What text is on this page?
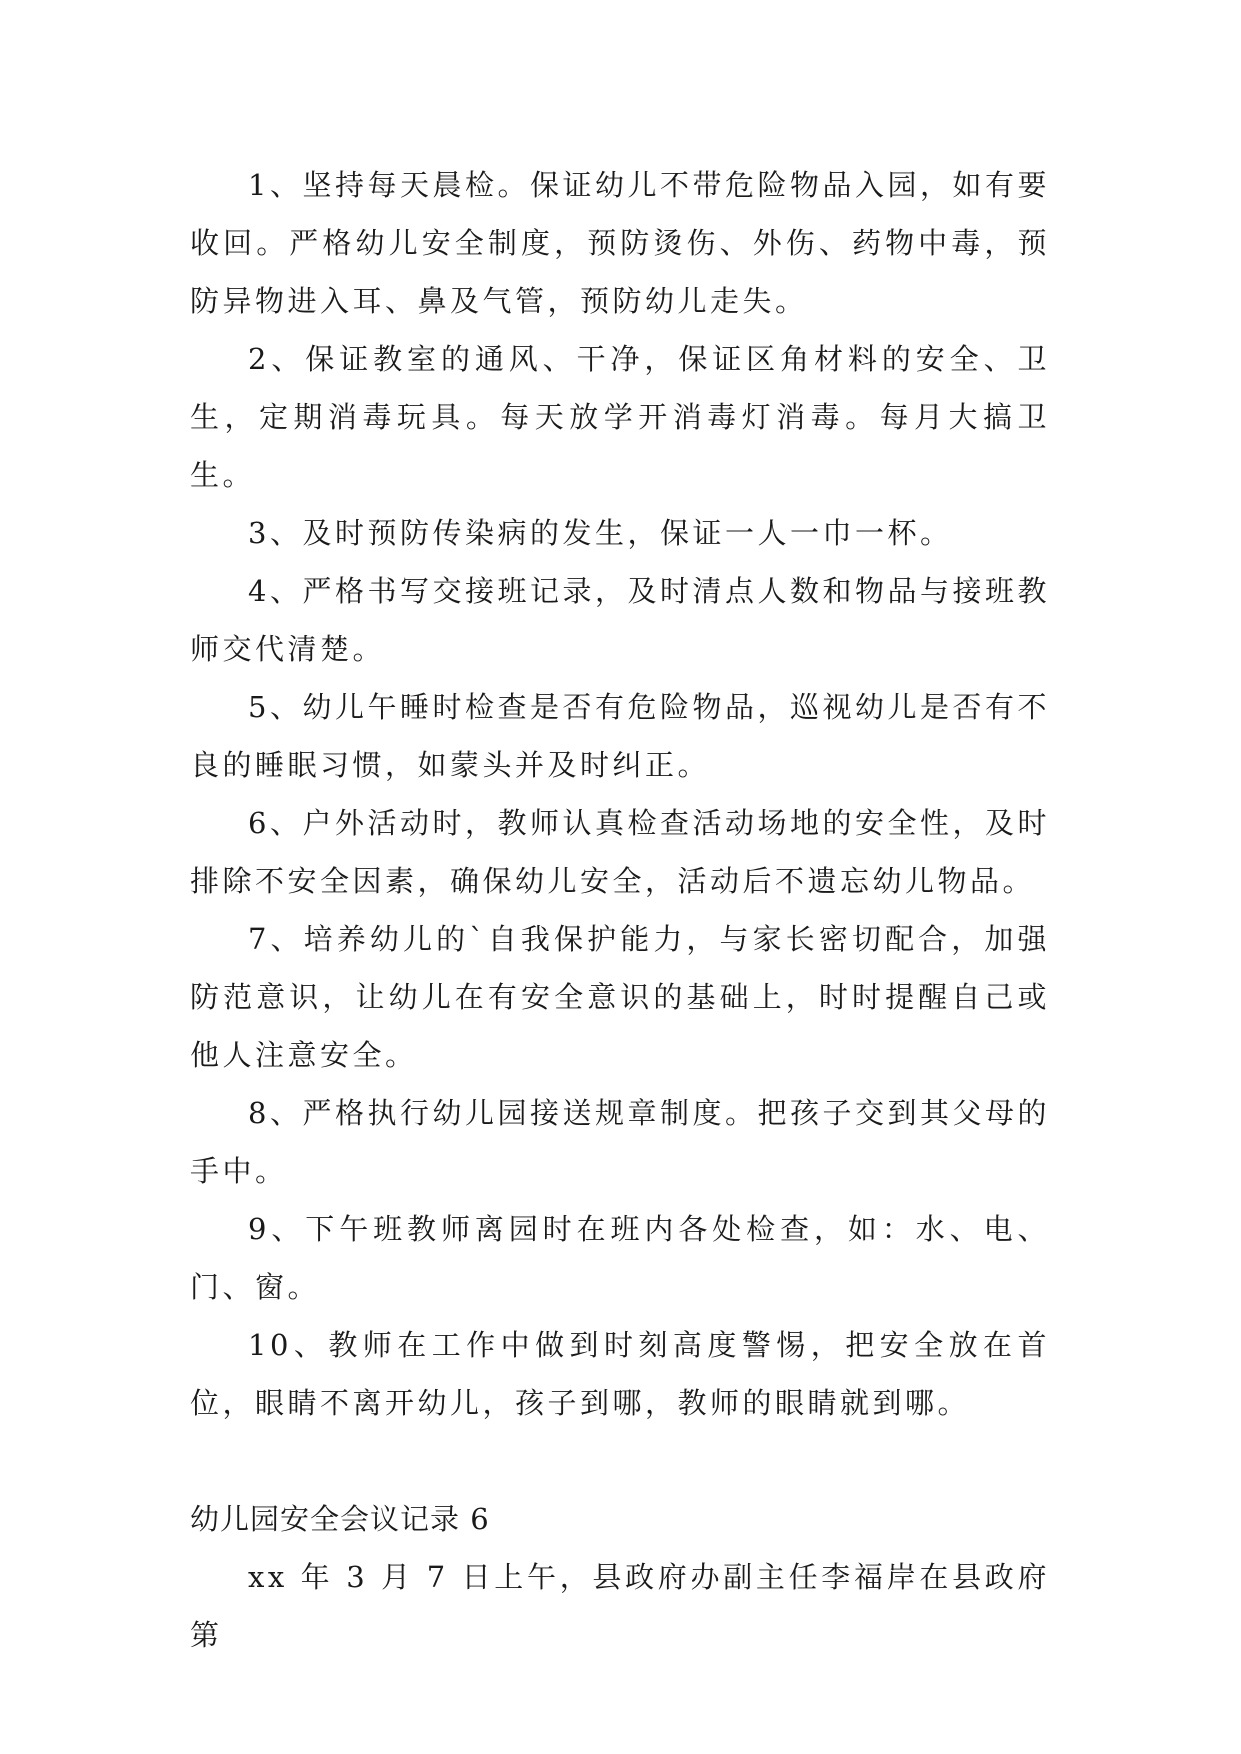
1、坚持每天晨检。保证幼儿不带危险物品入园，如有要收回。严格幼儿安全制度，预防烫伤、外伤、药物中毒，预防异物进入耳、鼻及气管，预防幼儿走失。

2、保证教室的通风、干净，保证区角材料的安全、卫生，定期消毒玩具。每天放学开消毒灯消毒。每月大搞卫生。

3、及时预防传染病的发生，保证一人一巾一杯。

4、严格书写交接班记录，及时清点人数和物品与接班教师交代清楚。

5、幼儿午睡时检查是否有危险物品，巡视幼儿是否有不良的睡眠习惯，如蒙头并及时纠正。

6、户外活动时，教师认真检查活动场地的安全性，及时排除不安全因素，确保幼儿安全，活动后不遗忘幼儿物品。

7、培养幼儿的`自我保护能力，与家长密切配合，加强防范意识，让幼儿在有安全意识的基础上，时时提醒自己或他人注意安全。

8、严格执行幼儿园接送规章制度。把孩子交到其父母的手中。

9、下午班教师离园时在班内各处检查，如：水、电、门、窗。

10、教师在工作中做到时刻高度警惕，把安全放在首位，眼睛不离开幼儿，孩子到哪，教师的眼睛就到哪。

幼儿园安全会议记录 6

xx 年 3 月 7 日上午，县政府办副主任李福岸在县政府第
